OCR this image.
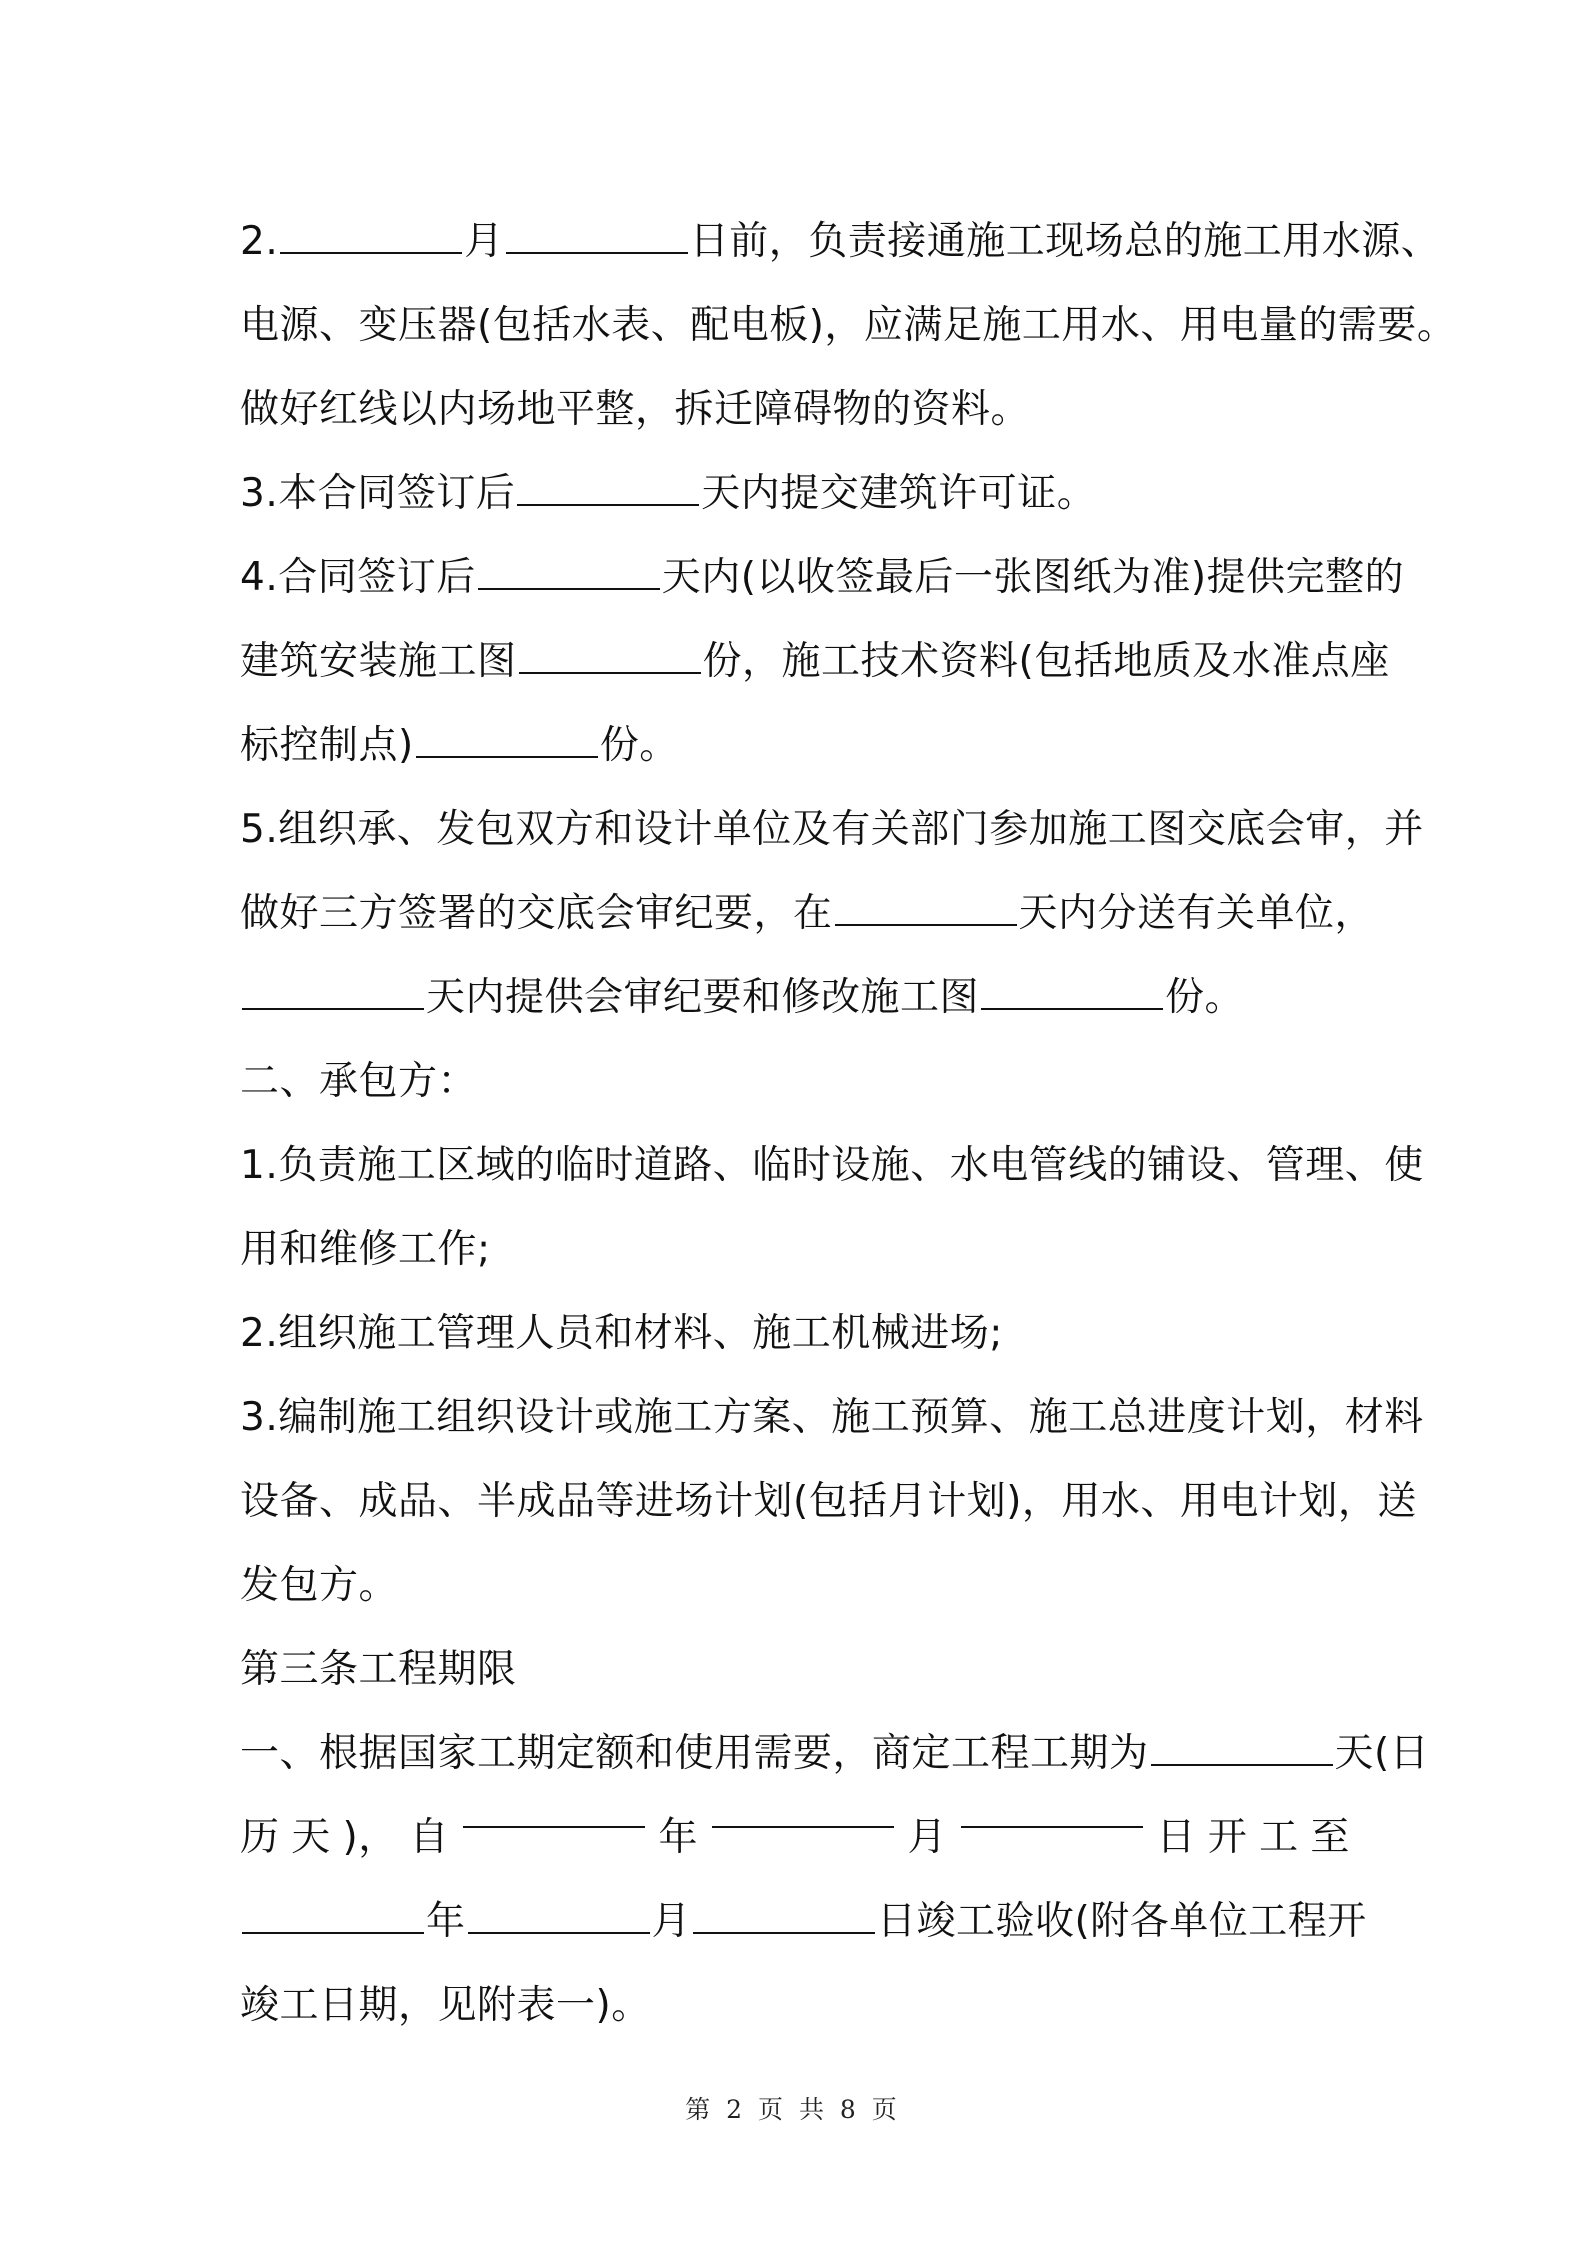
2.	月	日前，负责接通施工现场总的施工用水源、
电源、变压器(包括水表、配电板)，应满足施工用水、用电量的需要。
做好红线以内场地平整，拆迁障碍物的资料。
3.本合同签订后	天内提交建筑许可证。
4.合同签订后	天内(以收签最后一张图纸为准)提供完整的
建筑安装施工图	份，施工技术资料(包括地质及水准点座
标控制点)	份。
5.组织承、发包双方和设计单位及有关部门参加施工图交底会审，并
做好三方签署的交底会审纪要，在	天内分送有关单位，
天内提供会审纪要和修改施工图	份。
二、承包方：
1.负责施工区域的临时道路、临时设施、水电管线的铺设、管理、使
用和维修工作;
2.组织施工管理人员和材料、施工机械进场;
3.编制施工组织设计或施工方案、施工预算、施工总进度计划，材料
设备、成品、半成品等进场计划(包括月计划)，用水、用电计划，送
发包方。
第三条工程期限
一、根据国家工期定额和使用需要，商定工程工期为	天(日
历 天 )， 自	年	月	日 开 工 至
年	月	日竣工验收(附各单位工程开
竣工日期，见附表一)。
第 2 页 共 8 页
